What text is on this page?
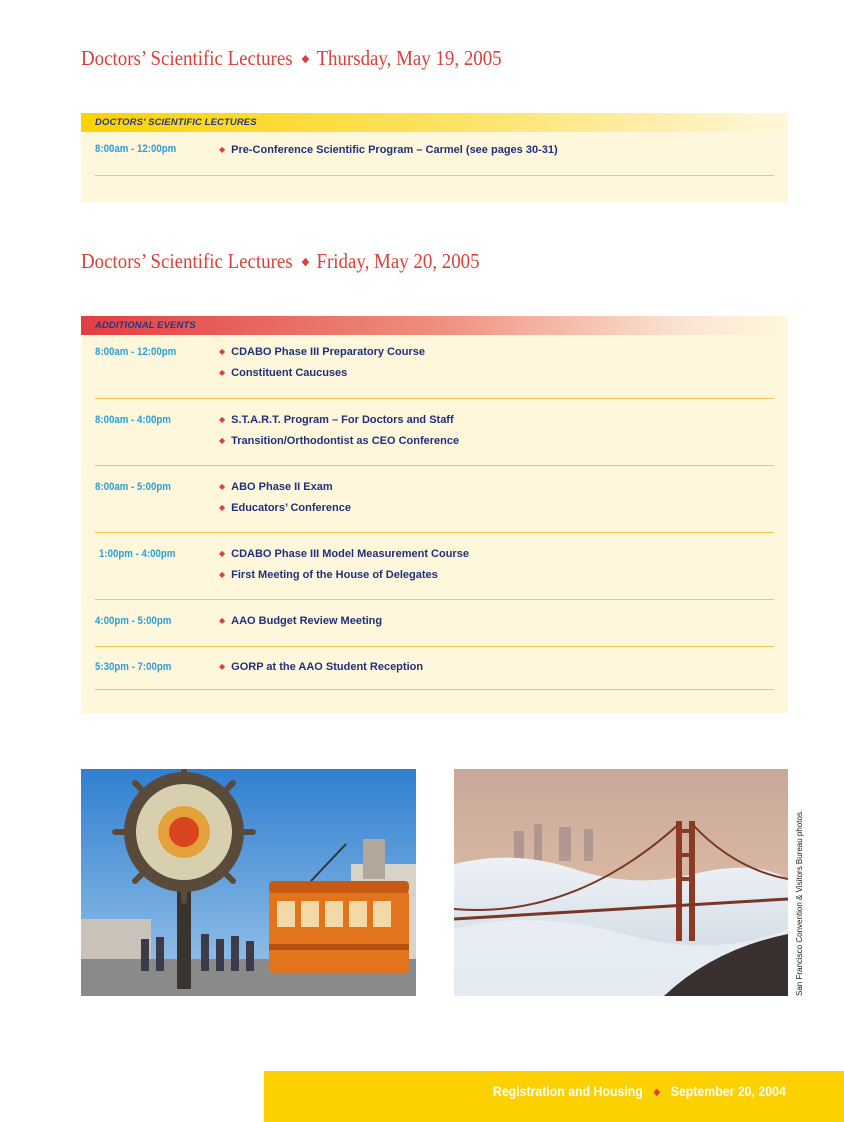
Doctors’ Scientific Lectures ◆ Thursday, May 19, 2005
DOCTORS’ SCIENTIFIC LECTURES
8:00am - 12:00pm	◆ Pre-Conference Scientific Program – Carmel (see pages 30-31)
Doctors’ Scientific Lectures ◆ Friday, May 20, 2005
ADDITIONAL EVENTS
8:00am - 12:00pm	◆ CDABO Phase III Preparatory Course
◆ Constituent Caucuses
8:00am - 4:00pm	◆ S.T.A.R.T. Program – For Doctors and Staff
◆ Transition/Orthodontist as CEO Conference
8:00am - 5:00pm	◆ ABO Phase II Exam
◆ Educators’ Conference
1:00pm - 4:00pm	◆ CDABO Phase III Model Measurement Course
◆ First Meeting of the House of Delegates
4:00pm - 5:00pm	◆ AAO Budget Review Meeting
5:30pm - 7:00pm	◆ GORP at the AAO Student Reception
San Francisco Convention & Visitors Bureau photos.
Registration and Housing ◆ September 20, 2004
